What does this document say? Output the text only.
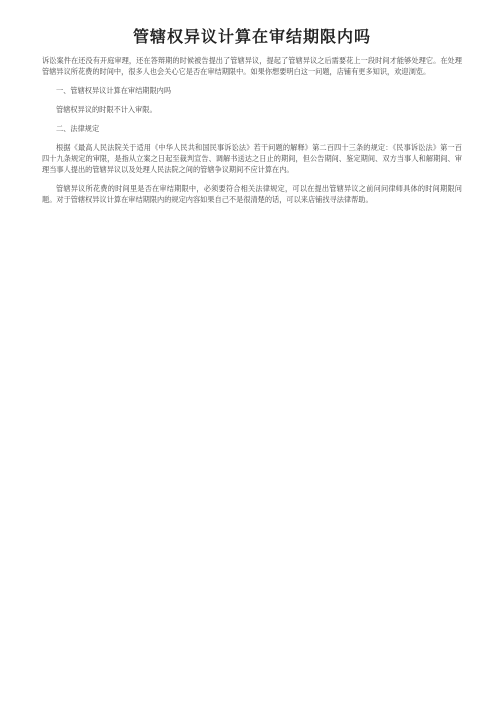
管辖权异议计算在审结期限内吗

诉讼案件在还没有开庭审理，还在答辩期的时候被告提出了管辖异议，提起了管辖异议之后需要花上一段时间才能够处理它。在处理管辖异议所花费的时间中，很多人也会关心它是否在审结期限中。如果你想要明白这一问题，店铺有更多知识，欢迎浏览。

一、管辖权异议计算在审结期限内吗

管辖权异议的时限不计入审限。

二、法律规定

根据《最高人民法院关于适用《中华人民共和国民事诉讼法》若干问题的解释》第二百四十三条的规定：《民事诉讼法》第一百四十九条规定的审限，是指从立案之日起至裁判宣告、调解书送达之日止的期间，但公告期间、鉴定期间、双方当事人和解期间、审理当事人提出的管辖异议以及处理人民法院之间的管辖争议期间不应计算在内。

管辖异议所花费的时间里是否在审结期限中，必须要符合相关法律规定，可以在提出管辖异议之前问问律师具体的时间期限问题。对于管辖权异议计算在审结期限内的规定内容如果自己不是很清楚的话，可以来店铺找寻法律帮助。
